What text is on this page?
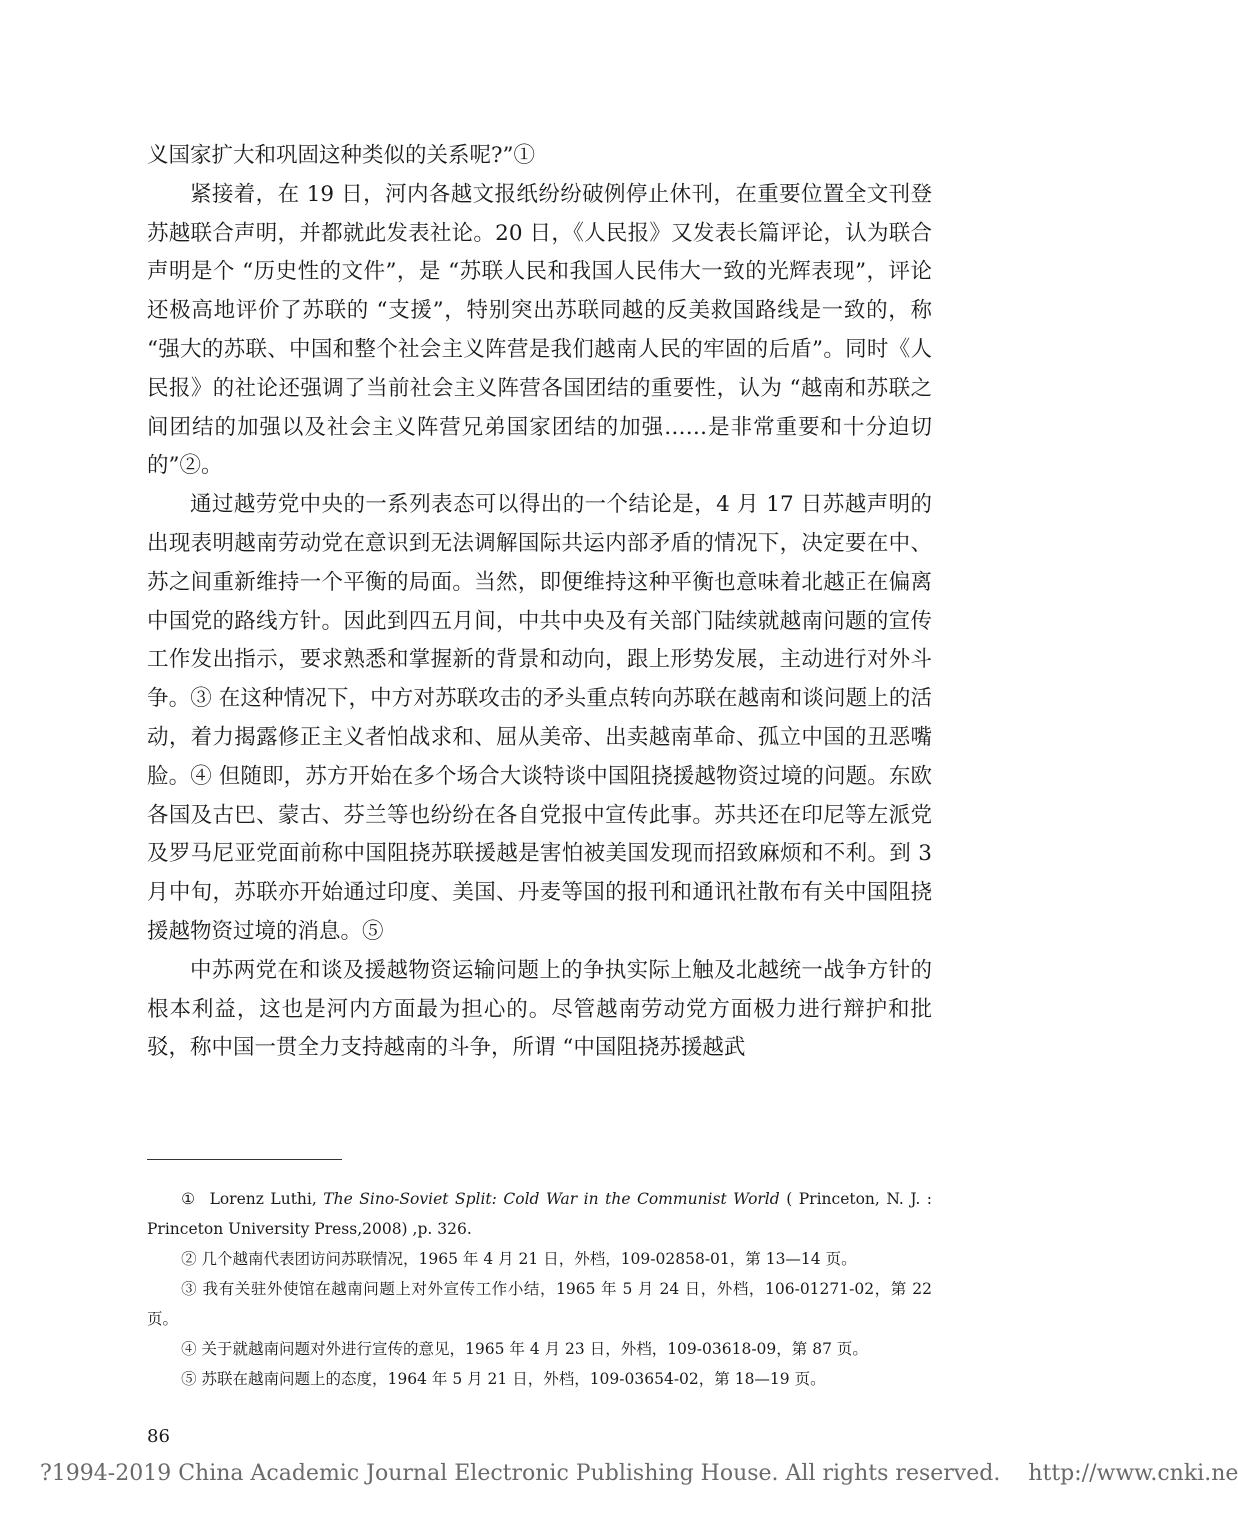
义国家扩大和巩固这种类似的关系呢?”①

紧接着，在 19 日，河内各越文报纸纷纷破例停止休刊，在重要位置全文刊登苏越联合声明，并都就此发表社论。20 日，《人民报》又发表长篇评论，认为联合声明是个 “历史性的文件”，是 “苏联人民和我国人民伟大一致的光辉表现”，评论还极高地评价了苏联的 “支援”，特别突出苏联同越的反美救国路线是一致的，称 “强大的苏联、中国和整个社会主义阵营是我们越南人民的牢固的后盾”。同时《人民报》的社论还强调了当前社会主义阵营各国团结的重要性，认为 “越南和苏联之间团结的加强以及社会主义阵营兄弟国家团结的加强……是非常重要和十分迫切的”②。

通过越劳党中央的一系列表态可以得出的一个结论是，4 月 17 日苏越声明的出现表明越南劳动党在意识到无法调解国际共运内部矛盾的情况下，决定要在中、苏之间重新维持一个平衡的局面。当然，即便维持这种平衡也意味着北越正在偏离中国党的路线方针。因此到四五月间，中共中央及有关部门陆续就越南问题的宣传工作发出指示，要求熟悉和掌握新的背景和动向，跟上形势发展，主动进行对外斗争。③ 在这种情况下，中方对苏联攻击的矛头重点转向苏联在越南和谈问题上的活动，着力揭露修正主义者怕战求和、屈从美帝、出卖越南革命、孤立中国的丑恶嘴脸。④ 但随即，苏方开始在多个场合大谈特谈中国阻挠援越物资过境的问题。东欧各国及古巴、蒙古、芬兰等也纷纷在各自党报中宣传此事。苏共还在印尼等左派党及罗马尼亚党面前称中国阻挠苏联援越是害怕被美国发现而招致麻烦和不利。到 3 月中旬，苏联亦开始通过印度、美国、丹麦等国的报刊和通讯社散布有关中国阻挠援越物资过境的消息。⑤

中苏两党在和谈及援越物资运输问题上的争执实际上触及北越统一战争方针的根本利益，这也是河内方面最为担心的。尽管越南劳动党方面极力进行辩护和批驳，称中国一贯全力支持越南的斗争，所谓 “中国阻挠苏援越武

① Lorenz Luthi, The Sino-Soviet Split: Cold War in the Communist World ( Princeton, N. J. : Princeton University Press,2008) ,p. 326.

② 几个越南代表团访问苏联情况，1965 年 4 月 21 日，外档，109-02858-01，第 13—14 页。

③ 我有关驻外使馆在越南问题上对外宣传工作小结，1965 年 5 月 24 日，外档，106-01271-02，第 22 页。

④ 关于就越南问题对外进行宣传的意见，1965 年 4 月 23 日，外档，109-03618-09，第 87 页。

⑤ 苏联在越南问题上的态度，1964 年 5 月 21 日，外档，109-03654-02，第 18—19 页。

86
?1994-2019 China Academic Journal Electronic Publishing House. All rights reserved. http://www.cnki.ne
